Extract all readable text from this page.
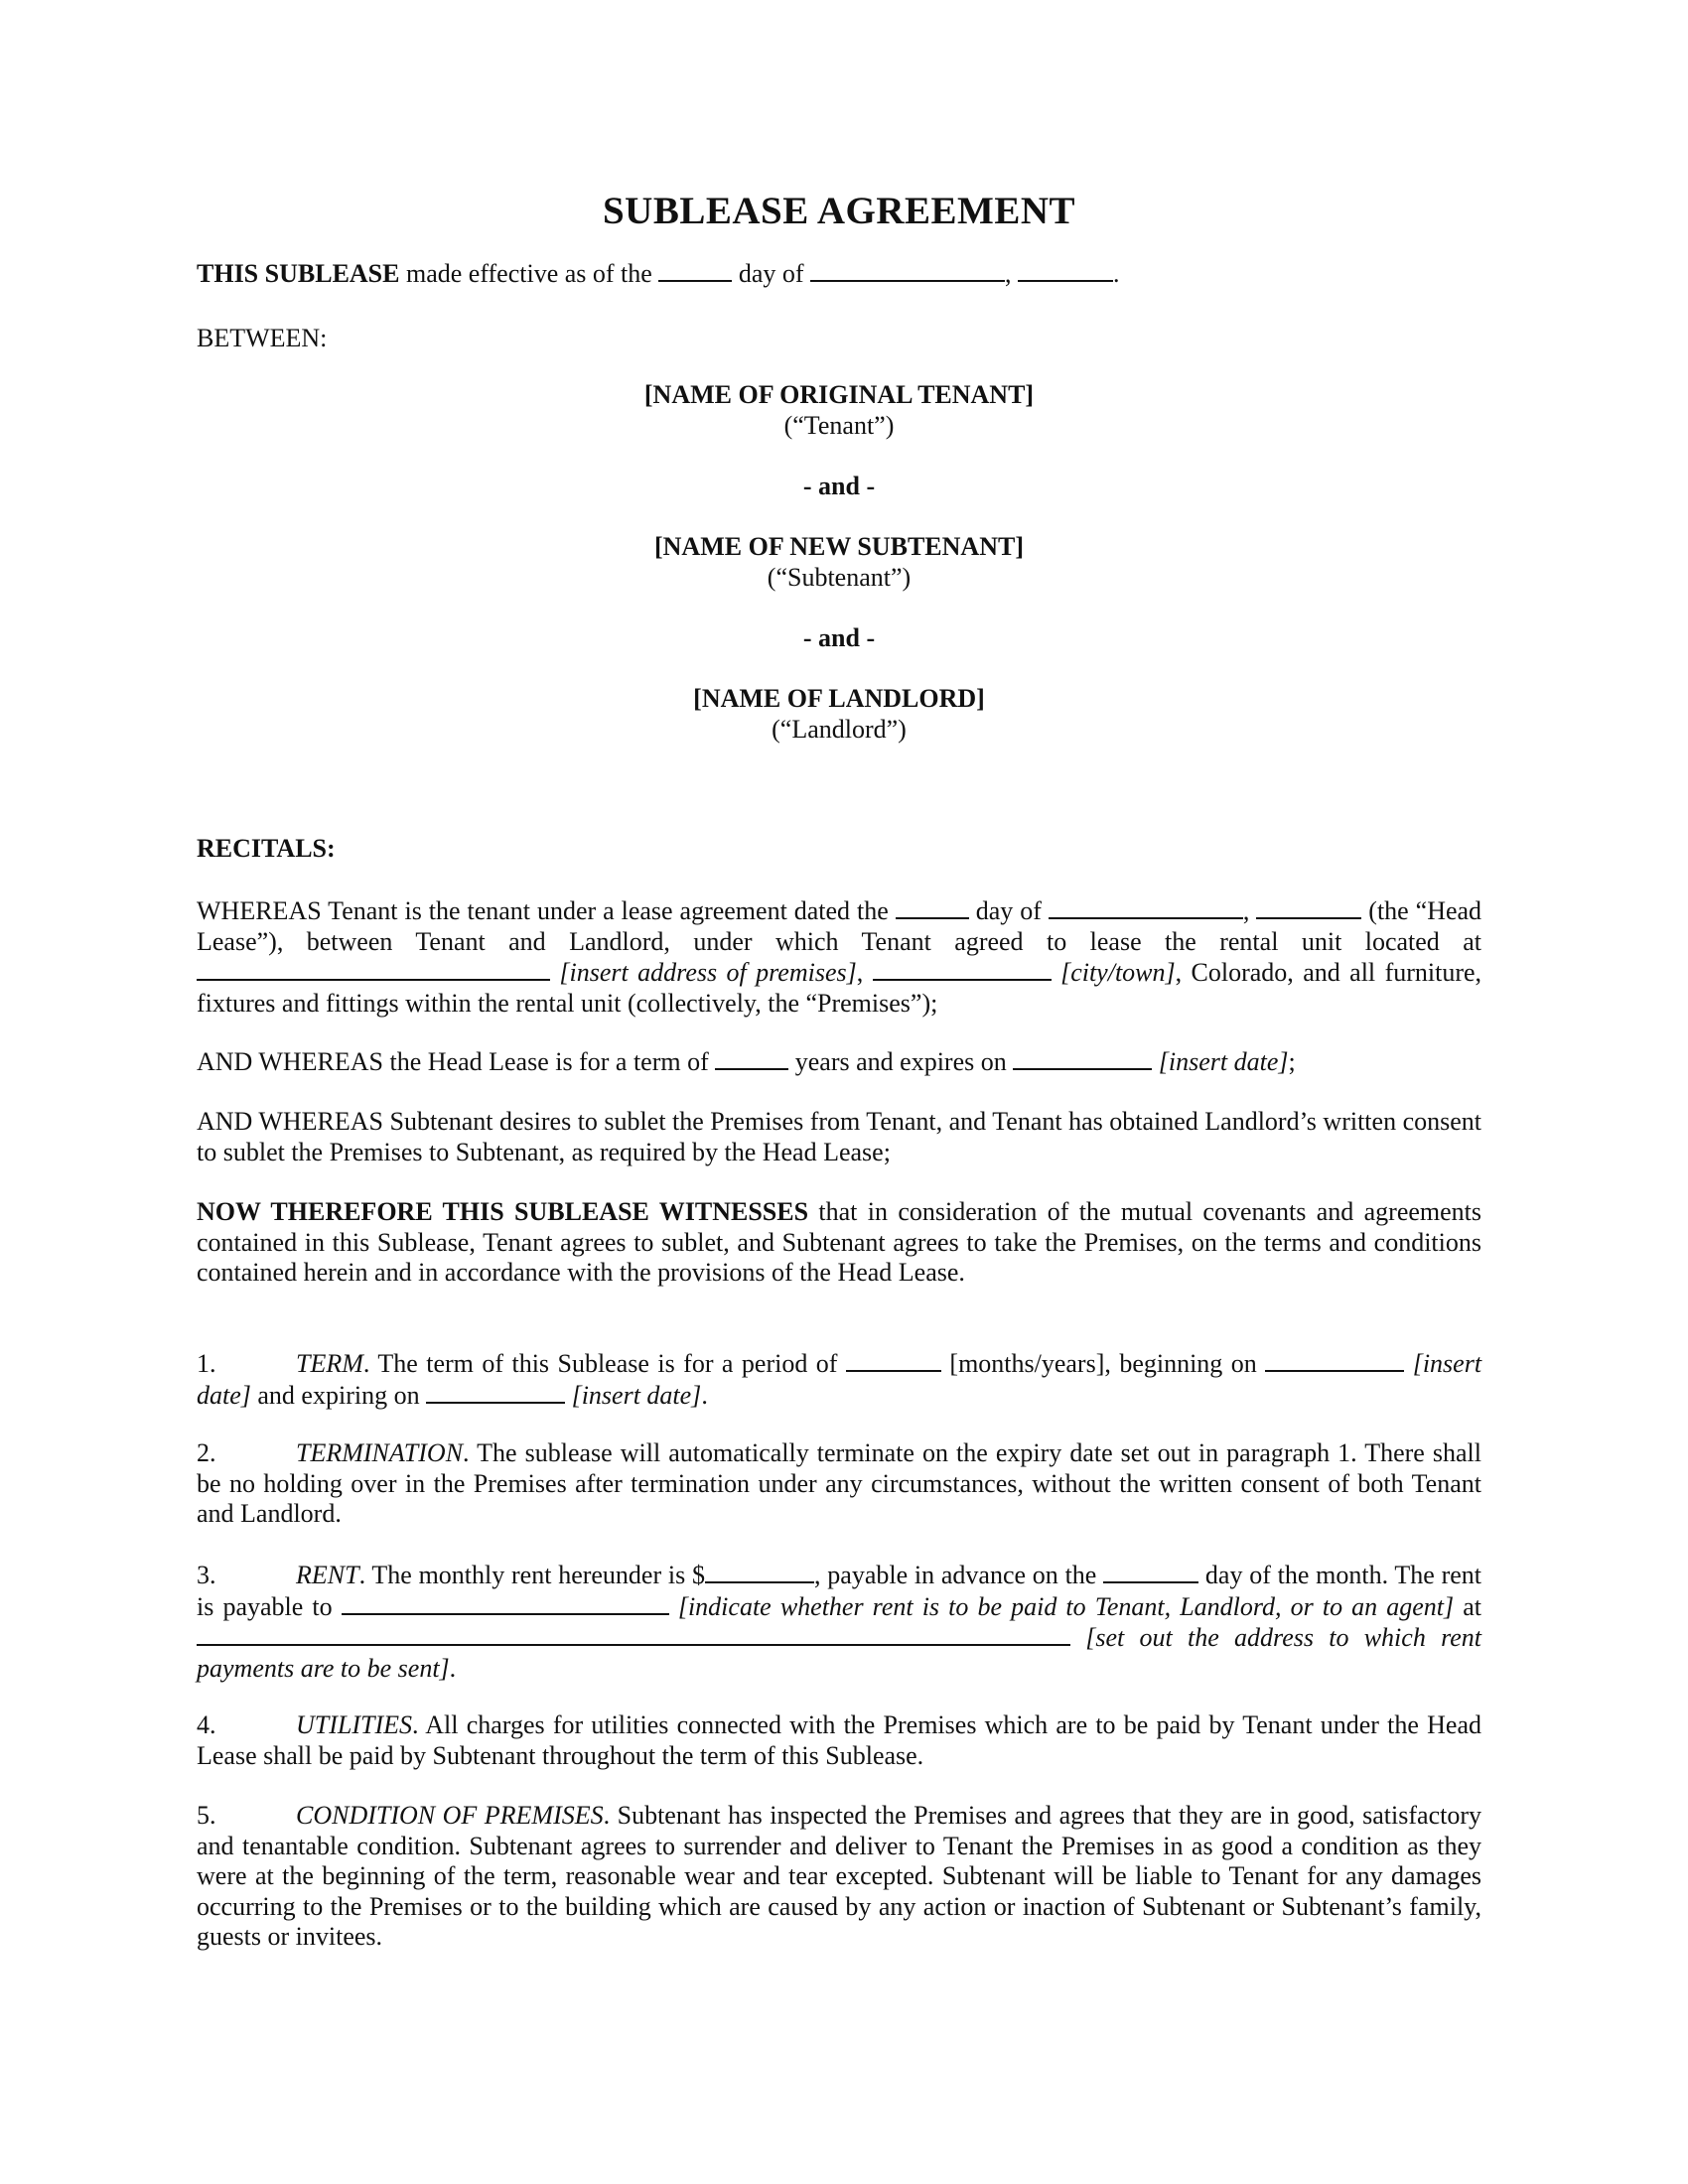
SUBLEASE AGREEMENT

THIS SUBLEASE made effective as of the	day of	,	.

BETWEEN:

[NAME OF ORIGINAL TENANT]
(“Tenant”)
- and -
[NAME OF NEW SUBTENANT]
(“Subtenant”)
- and -
[NAME OF LANDLORD]
(“Landlord”)

RECITALS:

WHEREAS Tenant is the tenant under a lease agreement dated the	day of	,	(the “Head Lease”), between Tenant and Landlord, under which Tenant agreed to lease the rental unit located at  [insert address of premises],	[city/town], Colorado, and all furniture, fixtures and fittings within the rental unit (collectively, the “Premises”);

AND WHEREAS the Head Lease is for a term of	years and expires on	[insert date];

AND WHEREAS Subtenant desires to sublet the Premises from Tenant, and Tenant has obtained Landlord’s written consent to sublet the Premises to Subtenant, as required by the Head Lease;

NOW THEREFORE THIS SUBLEASE WITNESSES that in consideration of the mutual covenants and agreements contained in this Sublease, Tenant agrees to sublet, and Subtenant agrees to take the Premises, on the terms and conditions contained herein and in accordance with the provisions of the Head Lease.

1.	TERM. The term of this Sublease is for a period of	[months/years], beginning on	[insert date] and expiring on	[insert date].

2.	TERMINATION. The sublease will automatically terminate on the expiry date set out in paragraph 1. There shall be no holding over in the Premises after termination under any circumstances, without the written consent of both Tenant and Landlord.

3.	RENT. The monthly rent hereunder is $	, payable in advance on the	day of the month. The rent is payable to	[indicate whether rent is to be paid to Tenant, Landlord, or to an agent] at  [set out the address to which rent payments are to be sent].

4.	UTILITIES. All charges for utilities connected with the Premises which are to be paid by Tenant under the Head Lease shall be paid by Subtenant throughout the term of this Sublease.

5.	CONDITION OF PREMISES. Subtenant has inspected the Premises and agrees that they are in good, satisfactory and tenantable condition. Subtenant agrees to surrender and deliver to Tenant the Premises in as good a condition as they were at the beginning of the term, reasonable wear and tear excepted. Subtenant will be liable to Tenant for any damages occurring to the Premises or to the building which are caused by any action or inaction of Subtenant or Subtenant’s family, guests or invitees.
